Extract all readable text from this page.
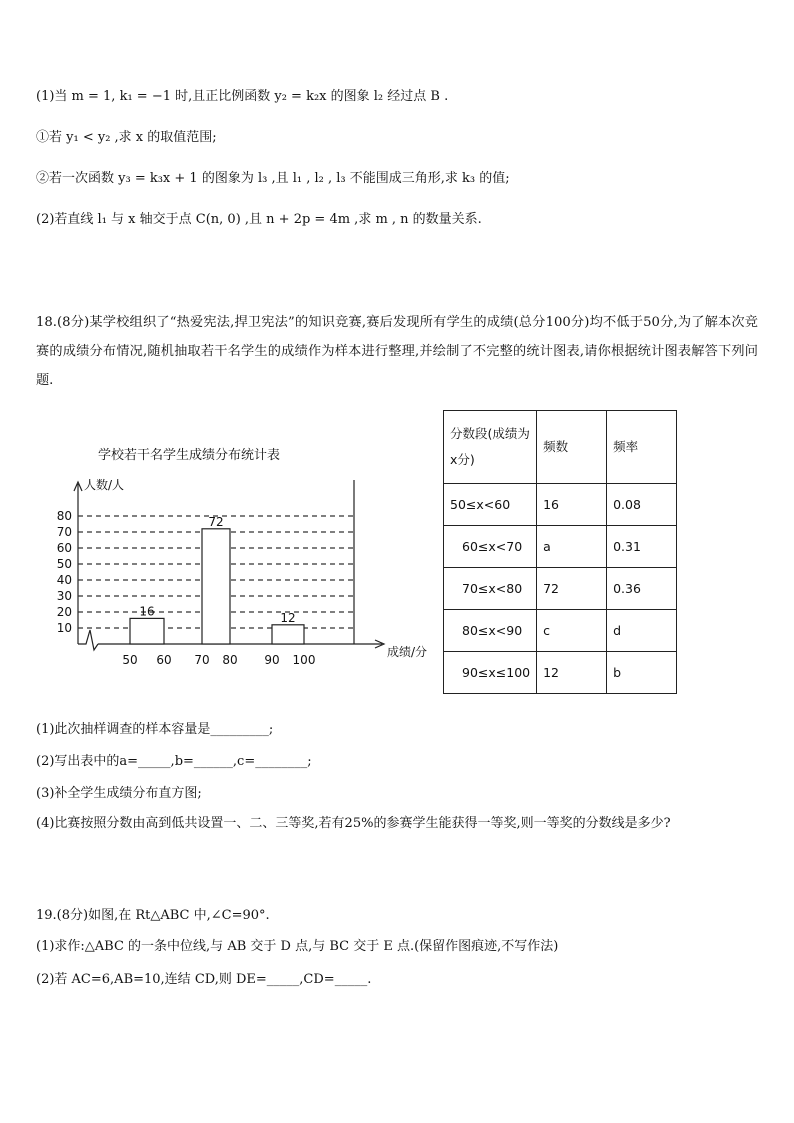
(1)当 m = 1, k₁ = −1 时,且正比例函数 y₂ = k₂x 的图象 l₂ 经过点 B .
①若 y₁ < y₂ ,求 x 的取值范围;
②若一次函数 y₃ = k₃x + 1 的图象为 l₃ ,且 l₁ , l₂ , l₃ 不能围成三角形,求 k₃ 的值;
(2)若直线 l₁ 与 x 轴交于点 C(n, 0) ,且 n + 2p = 4m ,求 m , n 的数量关系.
18.(8分)某学校组织了“热爱宪法,捍卫宪法”的知识竞赛,赛后发现所有学生的成绩(总分100分)均不低于50分,为了解本次竞赛的成绩分布情况,随机抽取若干名学生的成绩作为样本进行整理,并绘制了不完整的统计图表,请你根据统计图表解答下列问题.
学校若干名学生成绩分布统计表
人数/人
成绩/分
10
20
30
40
50
60
70
80
50 60 70 80 90 100
16
72
12
分数段(成绩为x分)	频数	频率
50≤x<60	16	0.08
60≤x<70	a	0.31
70≤x<80	72	0.36
80≤x<90	c	d
90≤x≤100	12	b
(1)此次抽样调查的样本容量是_________;
(2)写出表中的a=_____,b=______,c=________;
(3)补全学生成绩分布直方图;
(4)比赛按照分数由高到低共设置一、二、三等奖,若有25%的参赛学生能获得一等奖,则一等奖的分数线是多少?
19.(8分)如图,在 Rt△ABC 中,∠C=90°.
(1)求作:△ABC 的一条中位线,与 AB 交于 D 点,与 BC 交于 E 点.(保留作图痕迹,不写作法)
(2)若 AC=6,AB=10,连结 CD,则 DE=_____,CD=_____.
